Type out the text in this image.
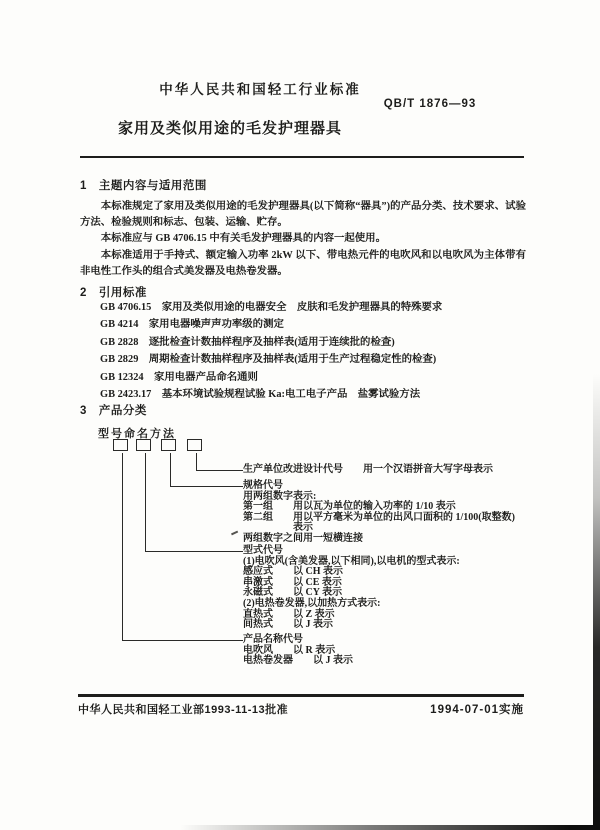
中华人民共和国轻工行业标准
QB/T 1876—93
家用及类似用途的毛发护理器具
1 主题内容与适用范围
本标准规定了家用及类似用途的毛发护理器具(以下简称“器具”)的产品分类、技术要求、试验方法、检验规则和标志、包装、运输、贮存。
本标准应与 GB 4706.15 中有关毛发护理器具的内容一起使用。
本标准适用于手持式、额定输入功率 2kW 以下、带电热元件的电吹风和以电吹风为主体带有非电性工作头的组合式美发器及电热卷发器。
2 引用标准
GB 4706.15　家用及类似用途的电器安全　皮肤和毛发护理器具的特殊要求
GB 4214　家用电器噪声声功率级的测定
GB 2828　逐批检查计数抽样程序及抽样表(适用于连续批的检查)
GB 2829　周期检查计数抽样程序及抽样表(适用于生产过程稳定性的检查)
GB 12324　家用电器产品命名通则
GB 2423.17　基本环境试验规程试验 Ka:电工电子产品　盐雾试验方法
3 产品分类
型号命名方法
生产单位改进设计代号　　用一个汉语拼音大写字母表示
规格代号
用两组数字表示:
第一组　　用以瓦为单位的输入功率的 1/10 表示
第二组　　用以平方毫米为单位的出风口面积的 1/100(取整数)
　　　　　表示
两组数字之间用一短横连接
型式代号
(1)电吹风(含美发器,以下相同),以电机的型式表示:
感应式　　以 CH 表示
串激式　　以 CE 表示
永磁式　　以 CY 表示
(2)电热卷发器,以加热方式表示:
直热式　　以 Z 表示
间热式　　以 J 表示
产品名称代号
电吹风　　以 R 表示
电热卷发器　　以 J 表示
中华人民共和国轻工业部1993-11-13批准	1994-07-01实施
